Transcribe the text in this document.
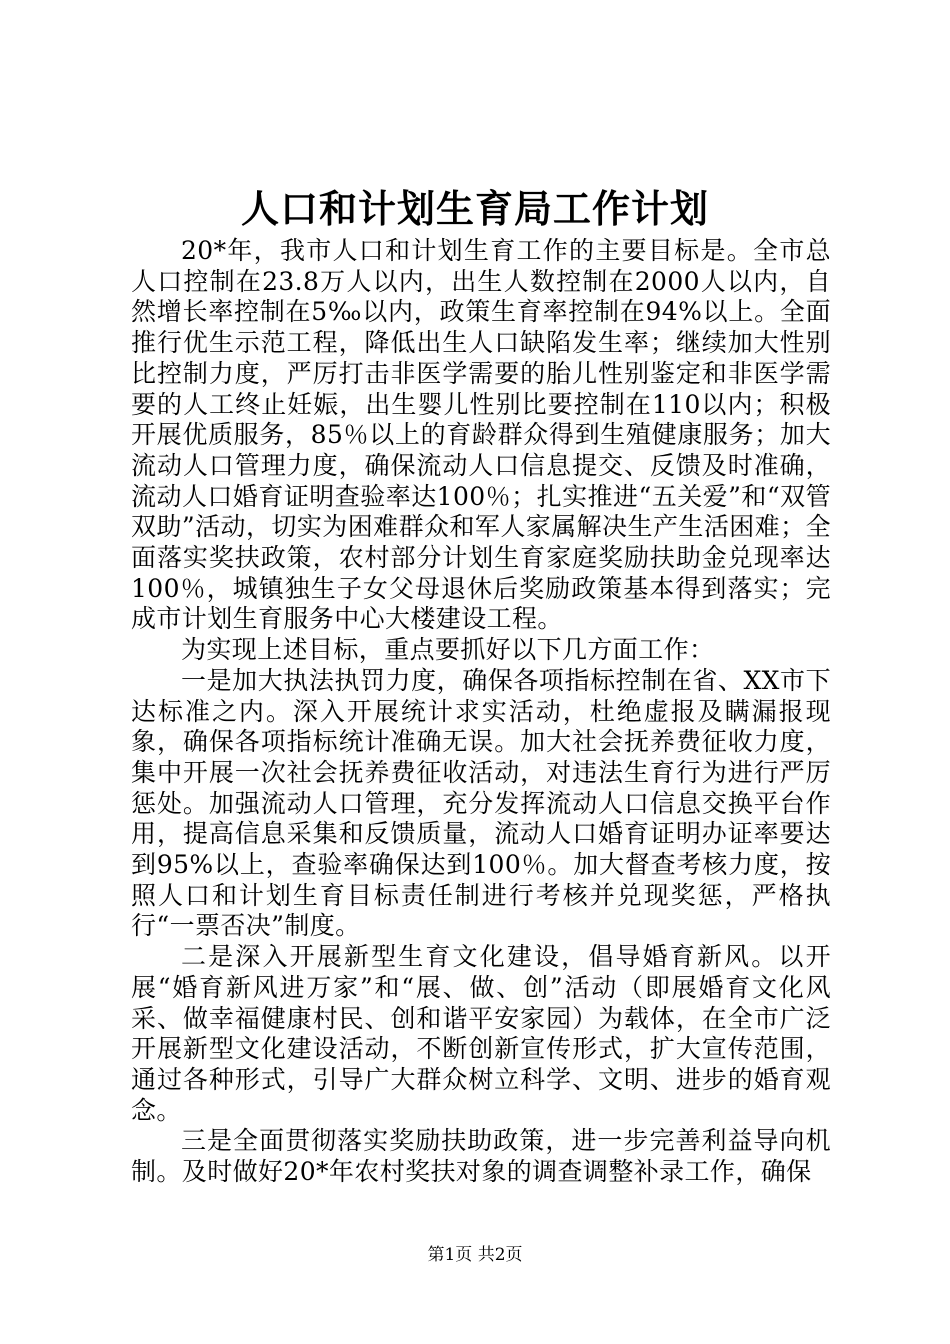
人口和计划生育局工作计划

20*年，我市人口和计划生育工作的主要目标是。全市总人口控制在23.8万人以内，出生人数控制在2000人以内，自然增长率控制在5‰以内，政策生育率控制在94%以上。全面推行优生示范工程，降低出生人口缺陷发生率；继续加大性别比控制力度，严厉打击非医学需要的胎儿性别鉴定和非医学需要的人工终止妊娠，出生婴儿性别比要控制在110以内；积极开展优质服务，85％以上的育龄群众得到生殖健康服务；加大流动人口管理力度，确保流动人口信息提交、反馈及时准确，流动人口婚育证明查验率达100％；扎实推进“五关爱”和“双管双助”活动，切实为困难群众和军人家属解决生产生活困难；全面落实奖扶政策，农村部分计划生育家庭奖励扶助金兑现率达100％，城镇独生子女父母退休后奖励政策基本得到落实；完成市计划生育服务中心大楼建设工程。

为实现上述目标，重点要抓好以下几方面工作：

一是加大执法执罚力度，确保各项指标控制在省、XX市下达标准之内。深入开展统计求实活动，杜绝虚报及瞒漏报现象，确保各项指标统计准确无误。加大社会抚养费征收力度，集中开展一次社会抚养费征收活动，对违法生育行为进行严厉惩处。加强流动人口管理，充分发挥流动人口信息交换平台作用，提高信息采集和反馈质量，流动人口婚育证明办证率要达到95%以上，查验率确保达到100％。加大督查考核力度，按照人口和计划生育目标责任制进行考核并兑现奖惩，严格执行“一票否决”制度。

二是深入开展新型生育文化建设，倡导婚育新风。以开展“婚育新风进万家”和“展、做、创”活动（即展婚育文化风采、做幸福健康村民、创和谐平安家园）为载体，在全市广泛开展新型文化建设活动，不断创新宣传形式，扩大宣传范围，通过各种形式，引导广大群众树立科学、文明、进步的婚育观念。

三是全面贯彻落实奖励扶助政策，进一步完善利益导向机制。及时做好20*年农村奖扶对象的调查调整补录工作，确保

第1页 共2页
